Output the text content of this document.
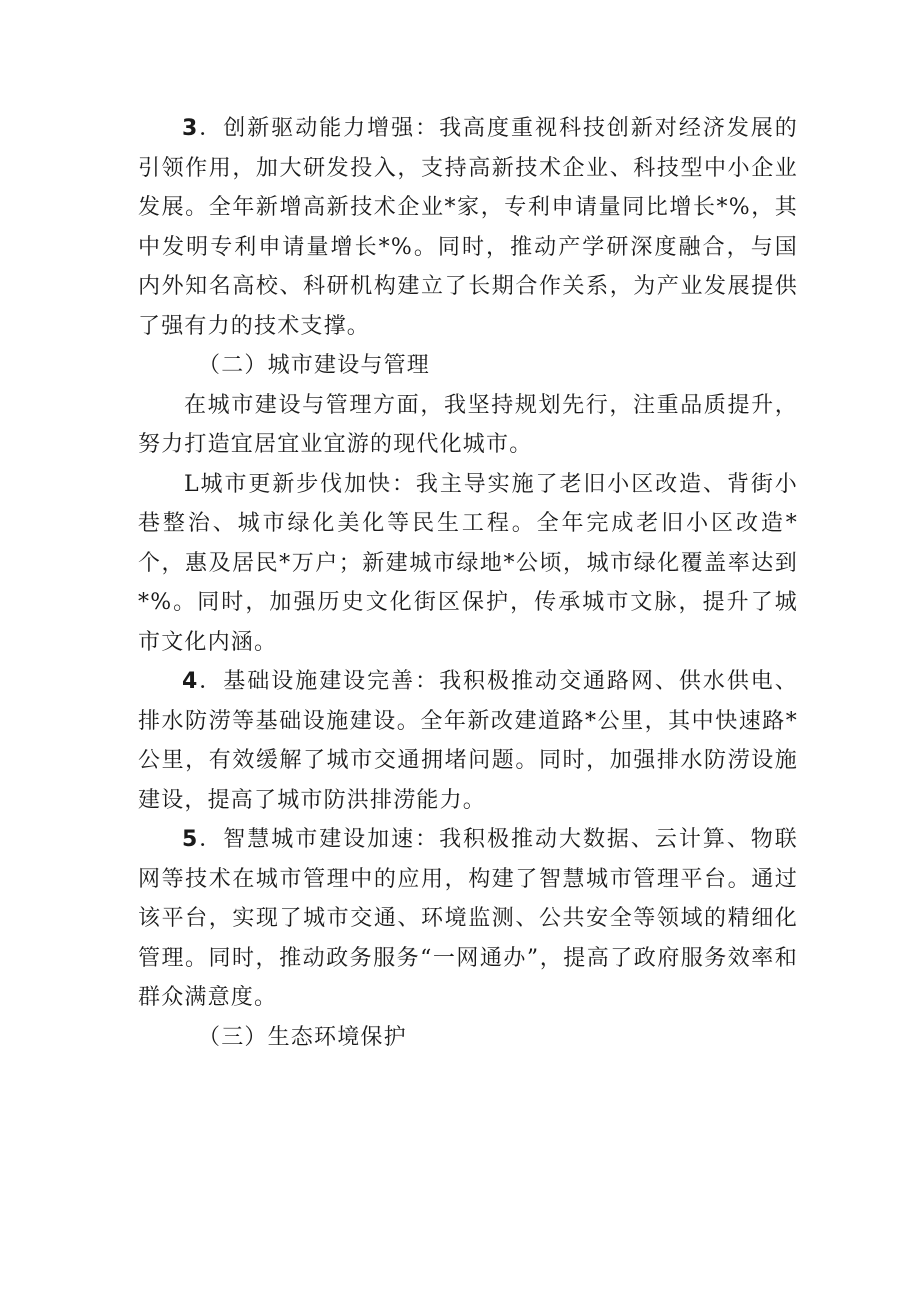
3．创新驱动能力增强：我高度重视科技创新对经济发展的引领作用，加大研发投入，支持高新技术企业、科技型中小企业发展。全年新增高新技术企业*家，专利申请量同比增长*%，其中发明专利申请量增长*%。同时，推动产学研深度融合，与国内外知名高校、科研机构建立了长期合作关系，为产业发展提供了强有力的技术支撑。

（二）城市建设与管理

在城市建设与管理方面，我坚持规划先行，注重品质提升，努力打造宜居宜业宜游的现代化城市。

L城市更新步伐加快：我主导实施了老旧小区改造、背街小巷整治、城市绿化美化等民生工程。全年完成老旧小区改造*个，惠及居民*万户；新建城市绿地*公顷，城市绿化覆盖率达到*%。同时，加强历史文化街区保护，传承城市文脉，提升了城市文化内涵。

4．基础设施建设完善：我积极推动交通路网、供水供电、排水防涝等基础设施建设。全年新改建道路*公里，其中快速路*公里，有效缓解了城市交通拥堵问题。同时，加强排水防涝设施建设，提高了城市防洪排涝能力。

5．智慧城市建设加速：我积极推动大数据、云计算、物联网等技术在城市管理中的应用，构建了智慧城市管理平台。通过该平台，实现了城市交通、环境监测、公共安全等领域的精细化管理。同时，推动政务服务“一网通办”，提高了政府服务效率和群众满意度。

（三）生态环境保护
